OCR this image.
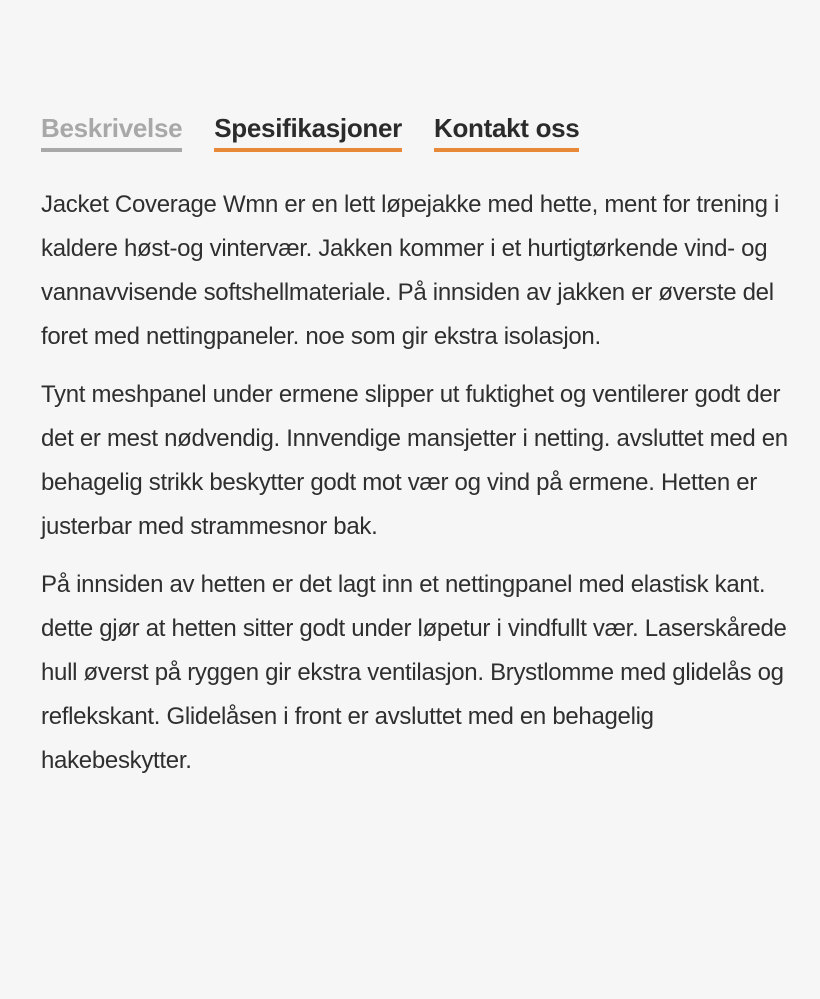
Beskrivelse Spesifikasjoner Kontakt oss

Jacket Coverage Wmn er en lett løpejakke med hette, ment for trening i kaldere høst-og vintervær. Jakken kommer i et hurtigtørkende vind- og vannavvisende softshellmateriale. På innsiden av jakken er øverste del foret med nettingpaneler. noe som gir ekstra isolasjon.

Tynt meshpanel under ermene slipper ut fuktighet og ventilerer godt der det er mest nødvendig. Innvendige mansjetter i netting. avsluttet med en behagelig strikk beskytter godt mot vær og vind på ermene. Hetten er justerbar med strammesnor bak.

På innsiden av hetten er det lagt inn et nettingpanel med elastisk kant. dette gjør at hetten sitter godt under løpetur i vindfullt vær. Laserskårede hull øverst på ryggen gir ekstra ventilasjon. Brystlomme med glidelås og reflekskant. Glidelåsen i front er avsluttet med en behagelig hakebeskytter.
